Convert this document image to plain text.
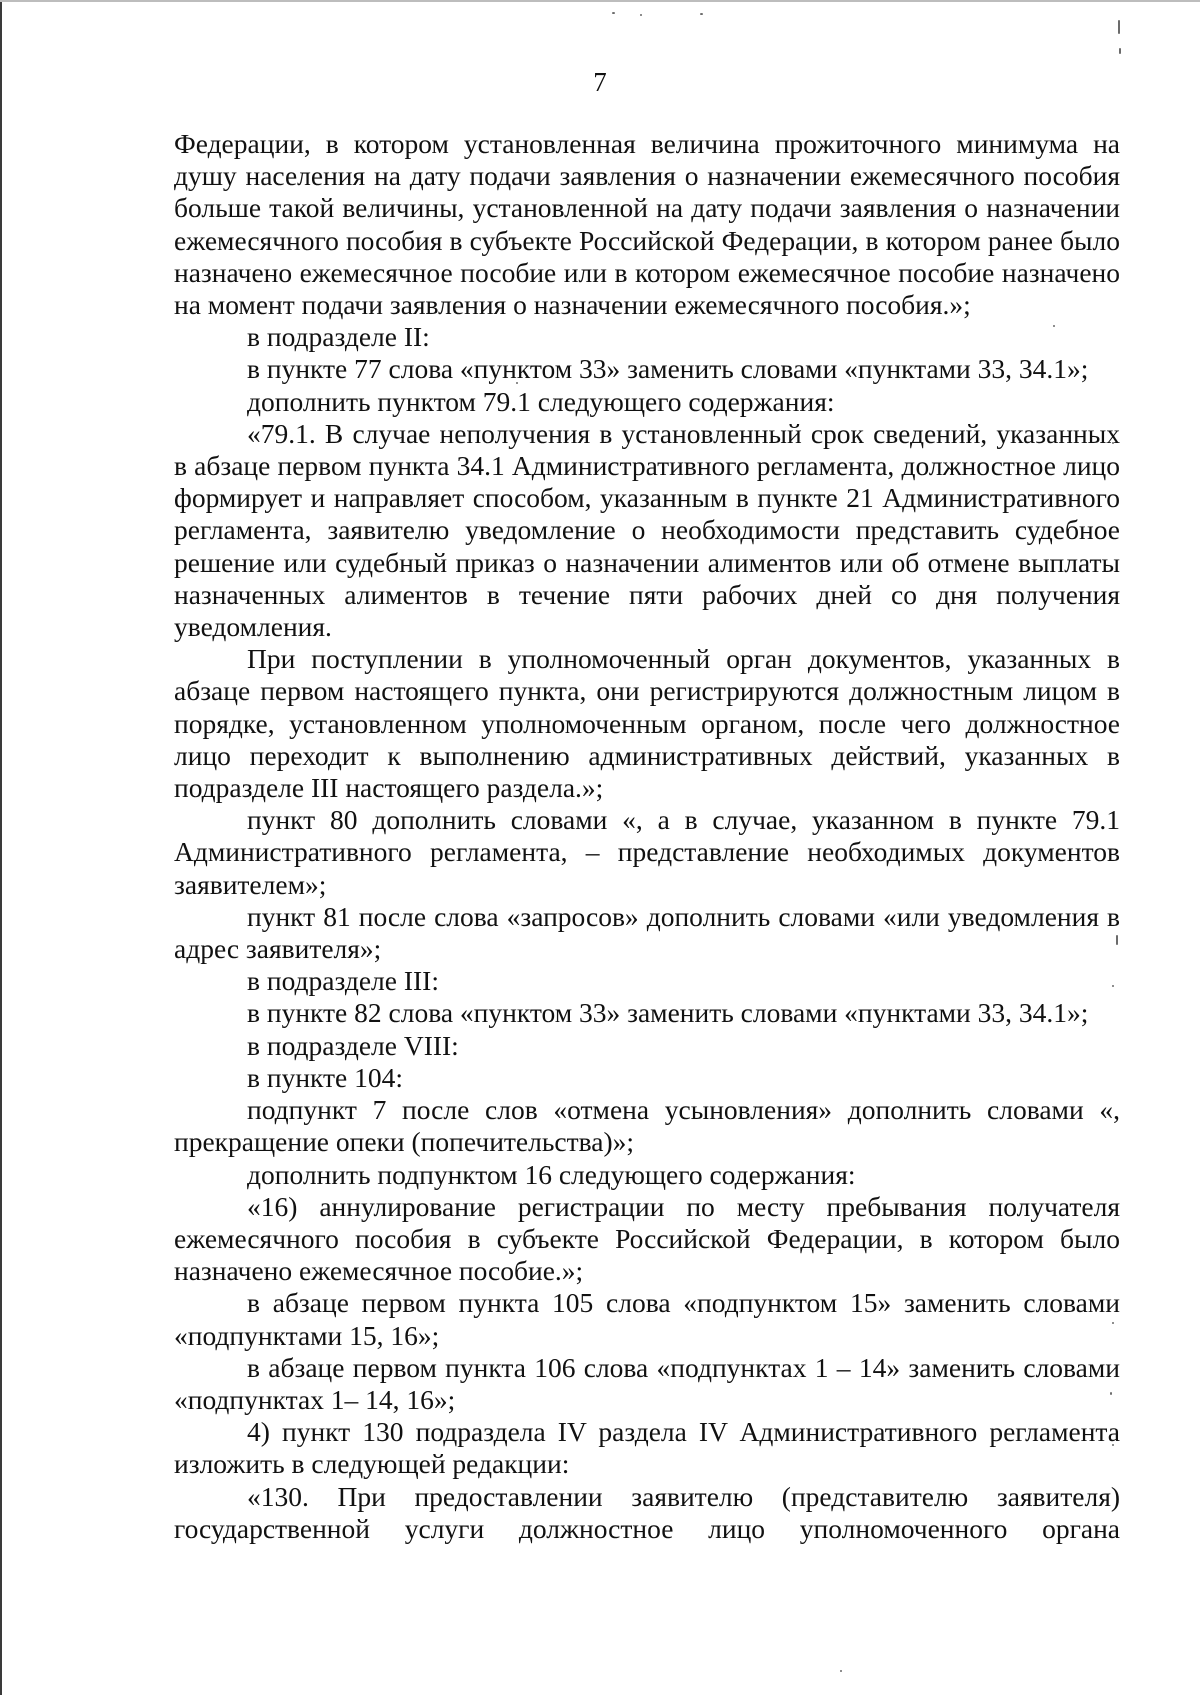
7

Федерации, в котором установленная величина прожиточного минимума на душу населения на дату подачи заявления о назначении ежемесячного пособия больше такой величины, установленной на дату подачи заявления о назначении ежемесячного пособия в субъекте Российской Федерации, в котором ранее было назначено ежемесячное пособие или в котором ежемесячное пособие назначено на момент подачи заявления о назначении ежемесячного пособия.»;

в подразделе II:

в пункте 77 слова «пунктом 33» заменить словами «пунктами 33, 34.1»;

дополнить пунктом 79.1 следующего содержания:

«79.1. В случае неполучения в установленный срок сведений, указанных в абзаце первом пункта 34.1 Административного регламента, должностное лицо формирует и направляет способом, указанным в пункте 21 Административного регламента, заявителю уведомление о необходимости представить судебное решение или судебный приказ о назначении алиментов или об отмене выплаты назначенных алиментов в течение пяти рабочих дней со дня получения уведомления.

При поступлении в уполномоченный орган документов, указанных в абзаце первом настоящего пункта, они регистрируются должностным лицом в порядке, установленном уполномоченным органом, после чего должностное лицо переходит к выполнению административных действий, указанных в подразделе III настоящего раздела.»;

пункт 80 дополнить словами «, а в случае, указанном в пункте 79.1 Административного регламента, – представление необходимых документов заявителем»;

пункт 81 после слова «запросов» дополнить словами «или уведомления в адрес заявителя»;

в подразделе III:

в пункте 82 слова «пунктом 33» заменить словами «пунктами 33, 34.1»;

в подразделе VIII:

в пункте 104:

подпункт 7 после слов «отмена усыновления» дополнить словами «, прекращение опеки (попечительства)»;

дополнить подпунктом 16 следующего содержания:

«16) аннулирование регистрации по месту пребывания получателя ежемесячного пособия в субъекте Российской Федерации, в котором было назначено ежемесячное пособие.»;

в абзаце первом пункта 105 слова «подпунктом 15» заменить словами «подпунктами 15, 16»;

в абзаце первом пункта 106 слова «подпунктах 1 – 14» заменить словами «подпунктах 1– 14, 16»;

4) пункт 130 подраздела IV раздела IV Административного регламента изложить в следующей редакции:

«130. При предоставлении заявителю (представителю заявителя) государственной услуги должностное лицо уполномоченного органа
